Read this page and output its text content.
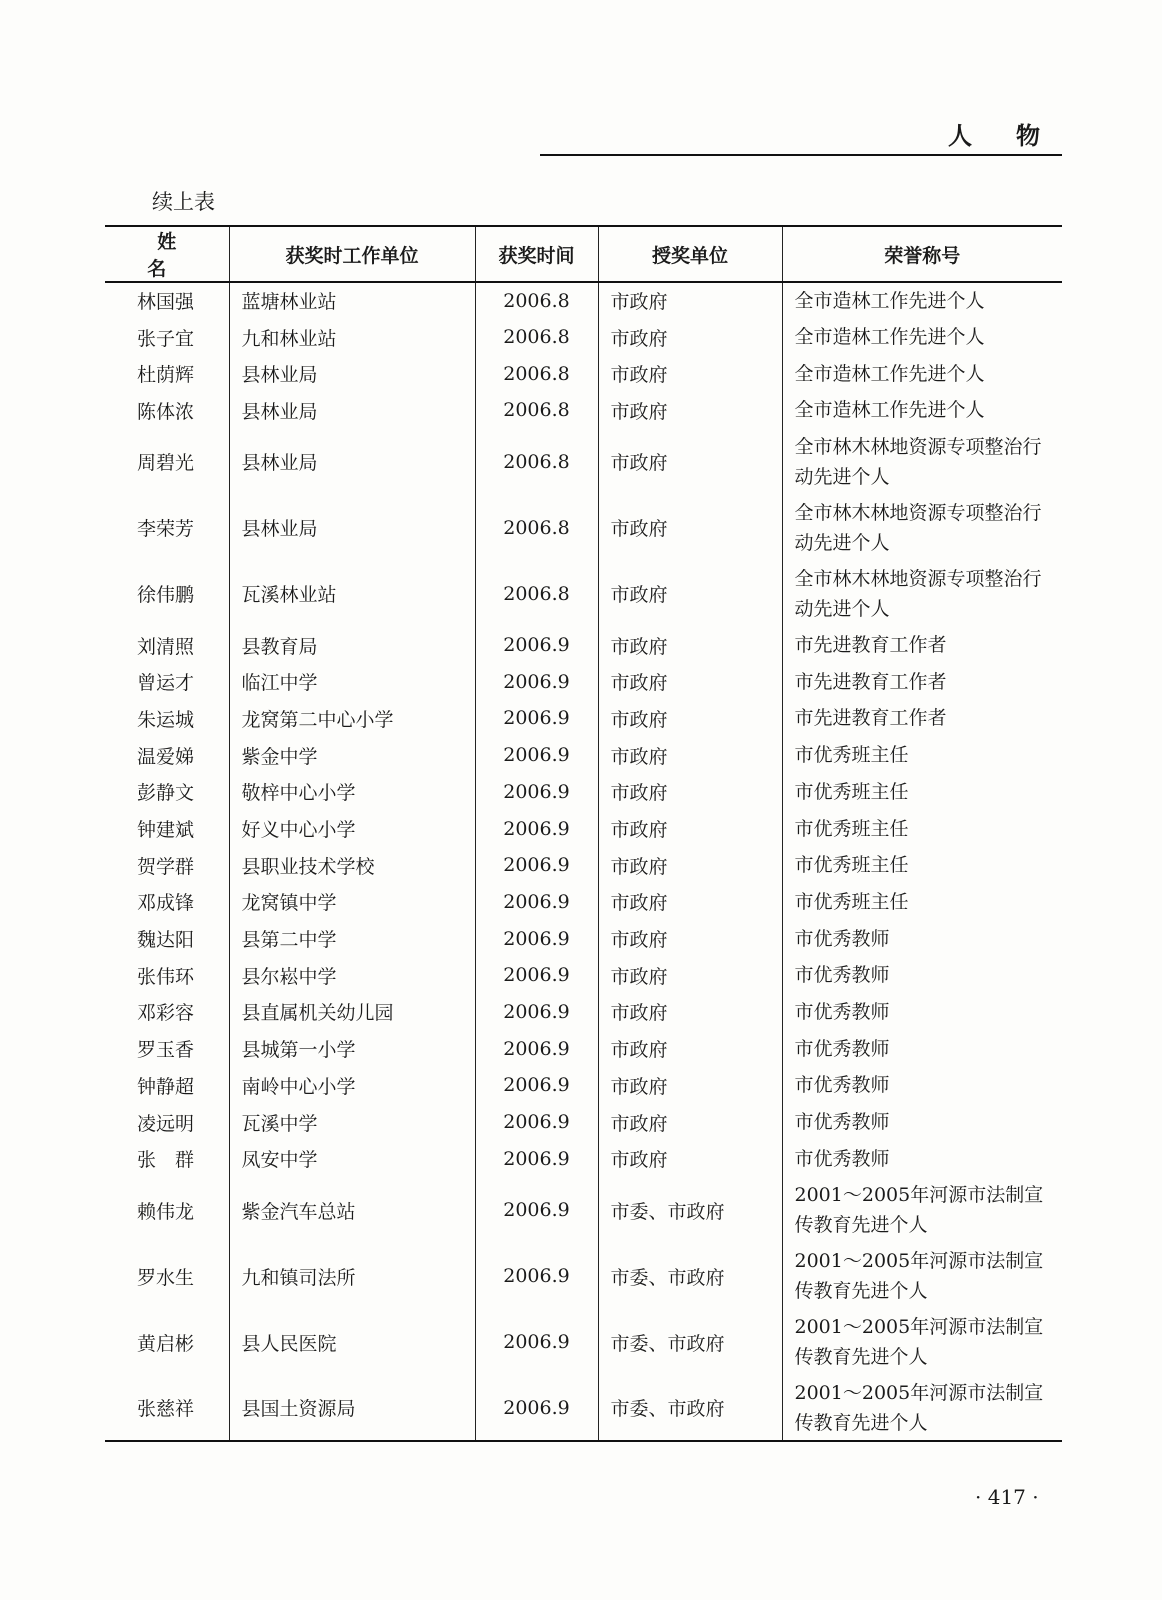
人物
续上表
姓　名	获奖时工作单位	获奖时间	授奖单位	荣誉称号
林国强	蓝塘林业站	2006.8	市政府	全市造林工作先进个人
张子宜	九和林业站	2006.8	市政府	全市造林工作先进个人
杜荫辉	县林业局	2006.8	市政府	全市造林工作先进个人
陈体浓	县林业局	2006.8	市政府	全市造林工作先进个人
周碧光	县林业局	2006.8	市政府	全市林木林地资源专项整治行动先进个人
李荣芳	县林业局	2006.8	市政府	全市林木林地资源专项整治行动先进个人
徐伟鹏	瓦溪林业站	2006.8	市政府	全市林木林地资源专项整治行动先进个人
刘清照	县教育局	2006.9	市政府	市先进教育工作者
曾运才	临江中学	2006.9	市政府	市先进教育工作者
朱运城	龙窝第二中心小学	2006.9	市政府	市先进教育工作者
温爱娣	紫金中学	2006.9	市政府	市优秀班主任
彭静文	敬梓中心小学	2006.9	市政府	市优秀班主任
钟建斌	好义中心小学	2006.9	市政府	市优秀班主任
贺学群	县职业技术学校	2006.9	市政府	市优秀班主任
邓成锋	龙窝镇中学	2006.9	市政府	市优秀班主任
魏达阳	县第二中学	2006.9	市政府	市优秀教师
张伟环	县尔崧中学	2006.9	市政府	市优秀教师
邓彩容	县直属机关幼儿园	2006.9	市政府	市优秀教师
罗玉香	县城第一小学	2006.9	市政府	市优秀教师
钟静超	南岭中心小学	2006.9	市政府	市优秀教师
凌远明	瓦溪中学	2006.9	市政府	市优秀教师
张　群	凤安中学	2006.9	市政府	市优秀教师
赖伟龙	紫金汽车总站	2006.9	市委、市政府	2001～2005年河源市法制宣传教育先进个人
罗水生	九和镇司法所	2006.9	市委、市政府	2001～2005年河源市法制宣传教育先进个人
黄启彬	县人民医院	2006.9	市委、市政府	2001～2005年河源市法制宣传教育先进个人
张慈祥	县国土资源局	2006.9	市委、市政府	2001～2005年河源市法制宣传教育先进个人
· 417 ·
